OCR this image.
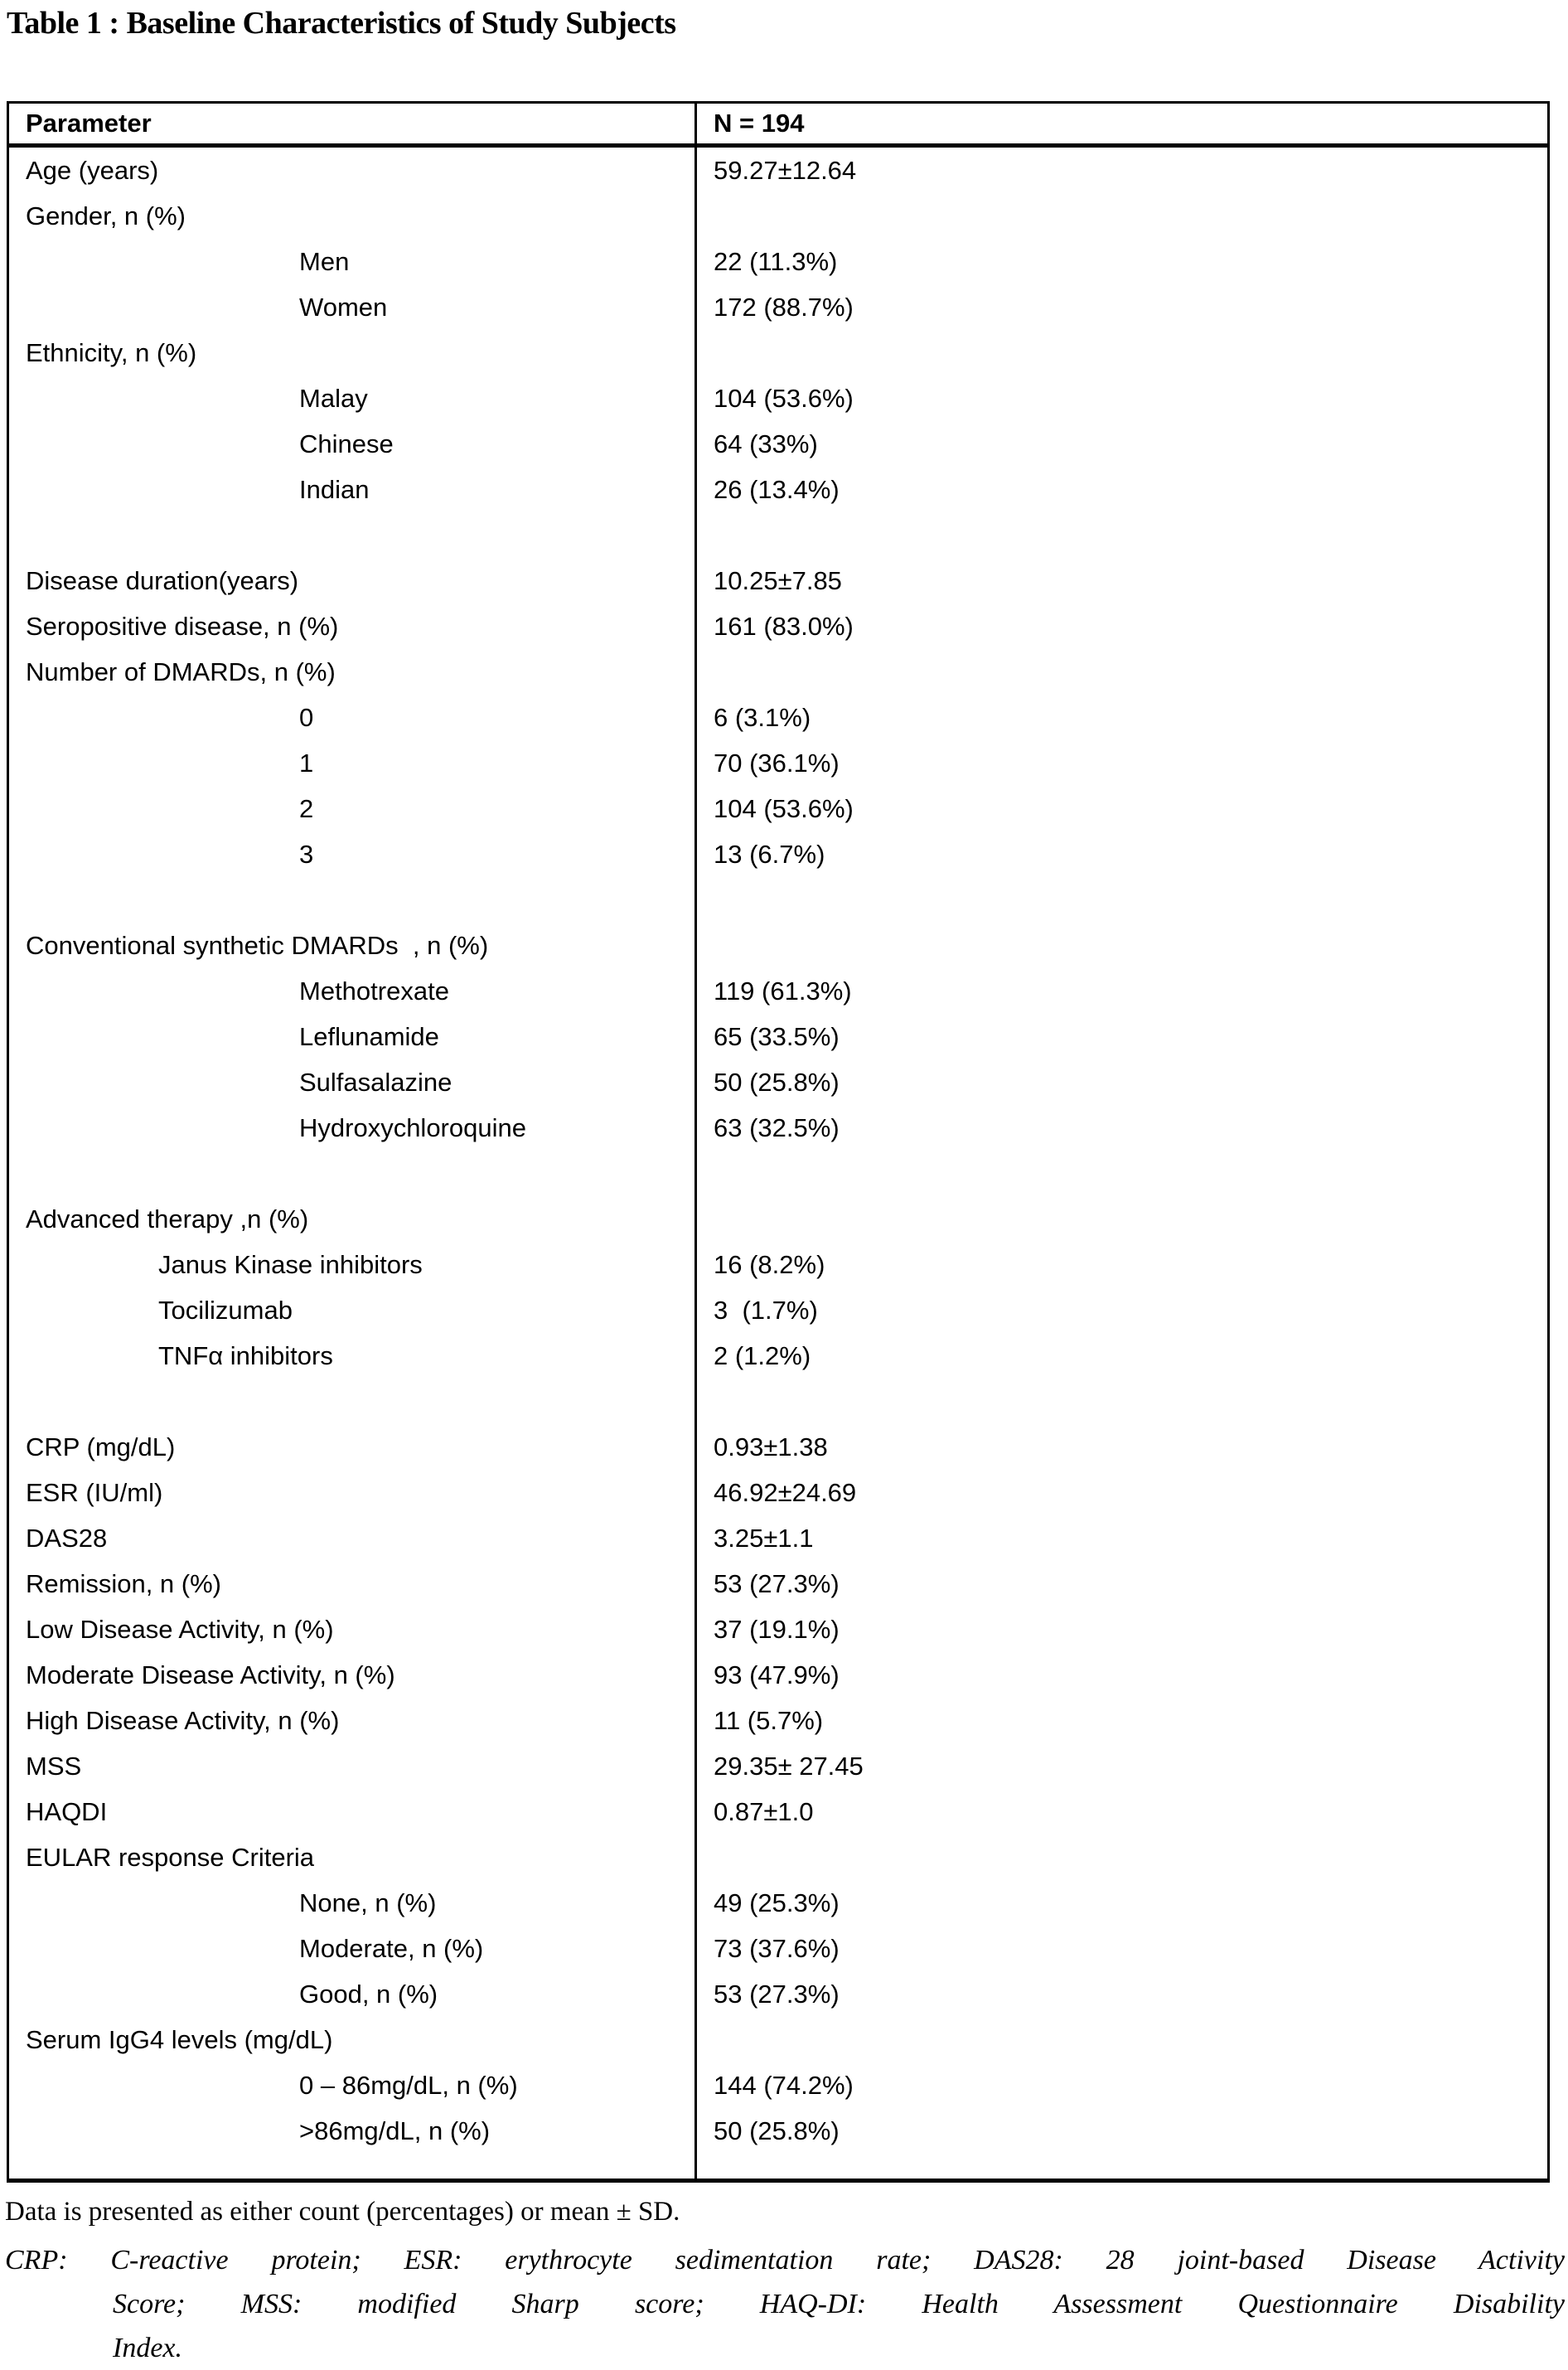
Table 1 : Baseline Characteristics of Study Subjects
Parameter	N = 194
Age (years)	59.27±12.64
Gender, n (%)
Men	22 (11.3%)
Women	172 (88.7%)
Ethnicity, n (%)
Malay	104 (53.6%)
Chinese	64 (33%)
Indian	26 (13.4%)
Disease duration(years)	10.25±7.85
Seropositive disease, n (%)	161 (83.0%)
Number of DMARDs, n (%)
0	6 (3.1%)
1	70 (36.1%)
2	104 (53.6%)
3	13 (6.7%)
Conventional synthetic DMARDs  , n (%)
Methotrexate	119 (61.3%)
Leflunamide	65 (33.5%)
Sulfasalazine	50 (25.8%)
Hydroxychloroquine	63 (32.5%)
Advanced therapy ,n (%)
Janus Kinase inhibitors	16 (8.2%)
Tocilizumab	3  (1.7%)
TNFα inhibitors	2 (1.2%)
CRP (mg/dL)	0.93±1.38
ESR (IU/ml)	46.92±24.69
DAS28	3.25±1.1
Remission, n (%)	53 (27.3%)
Low Disease Activity, n (%)	37 (19.1%)
Moderate Disease Activity, n (%)	93 (47.9%)
High Disease Activity, n (%)	11 (5.7%)
MSS	29.35± 27.45
HAQDI	0.87±1.0
EULAR response Criteria
None, n (%)	49 (25.3%)
Moderate, n (%)	73 (37.6%)
Good, n (%)	53 (27.3%)
Serum IgG4 levels (mg/dL)
0 – 86mg/dL, n (%)	144 (74.2%)
>86mg/dL, n (%)	50 (25.8%)
Data is presented as either count (percentages) or mean ± SD.
CRP: C-reactive protein; ESR: erythrocyte sedimentation rate; DAS28: 28 joint-based Disease Activity
Score; MSS: modified Sharp score; HAQ-DI: Health Assessment Questionnaire Disability
Index.
